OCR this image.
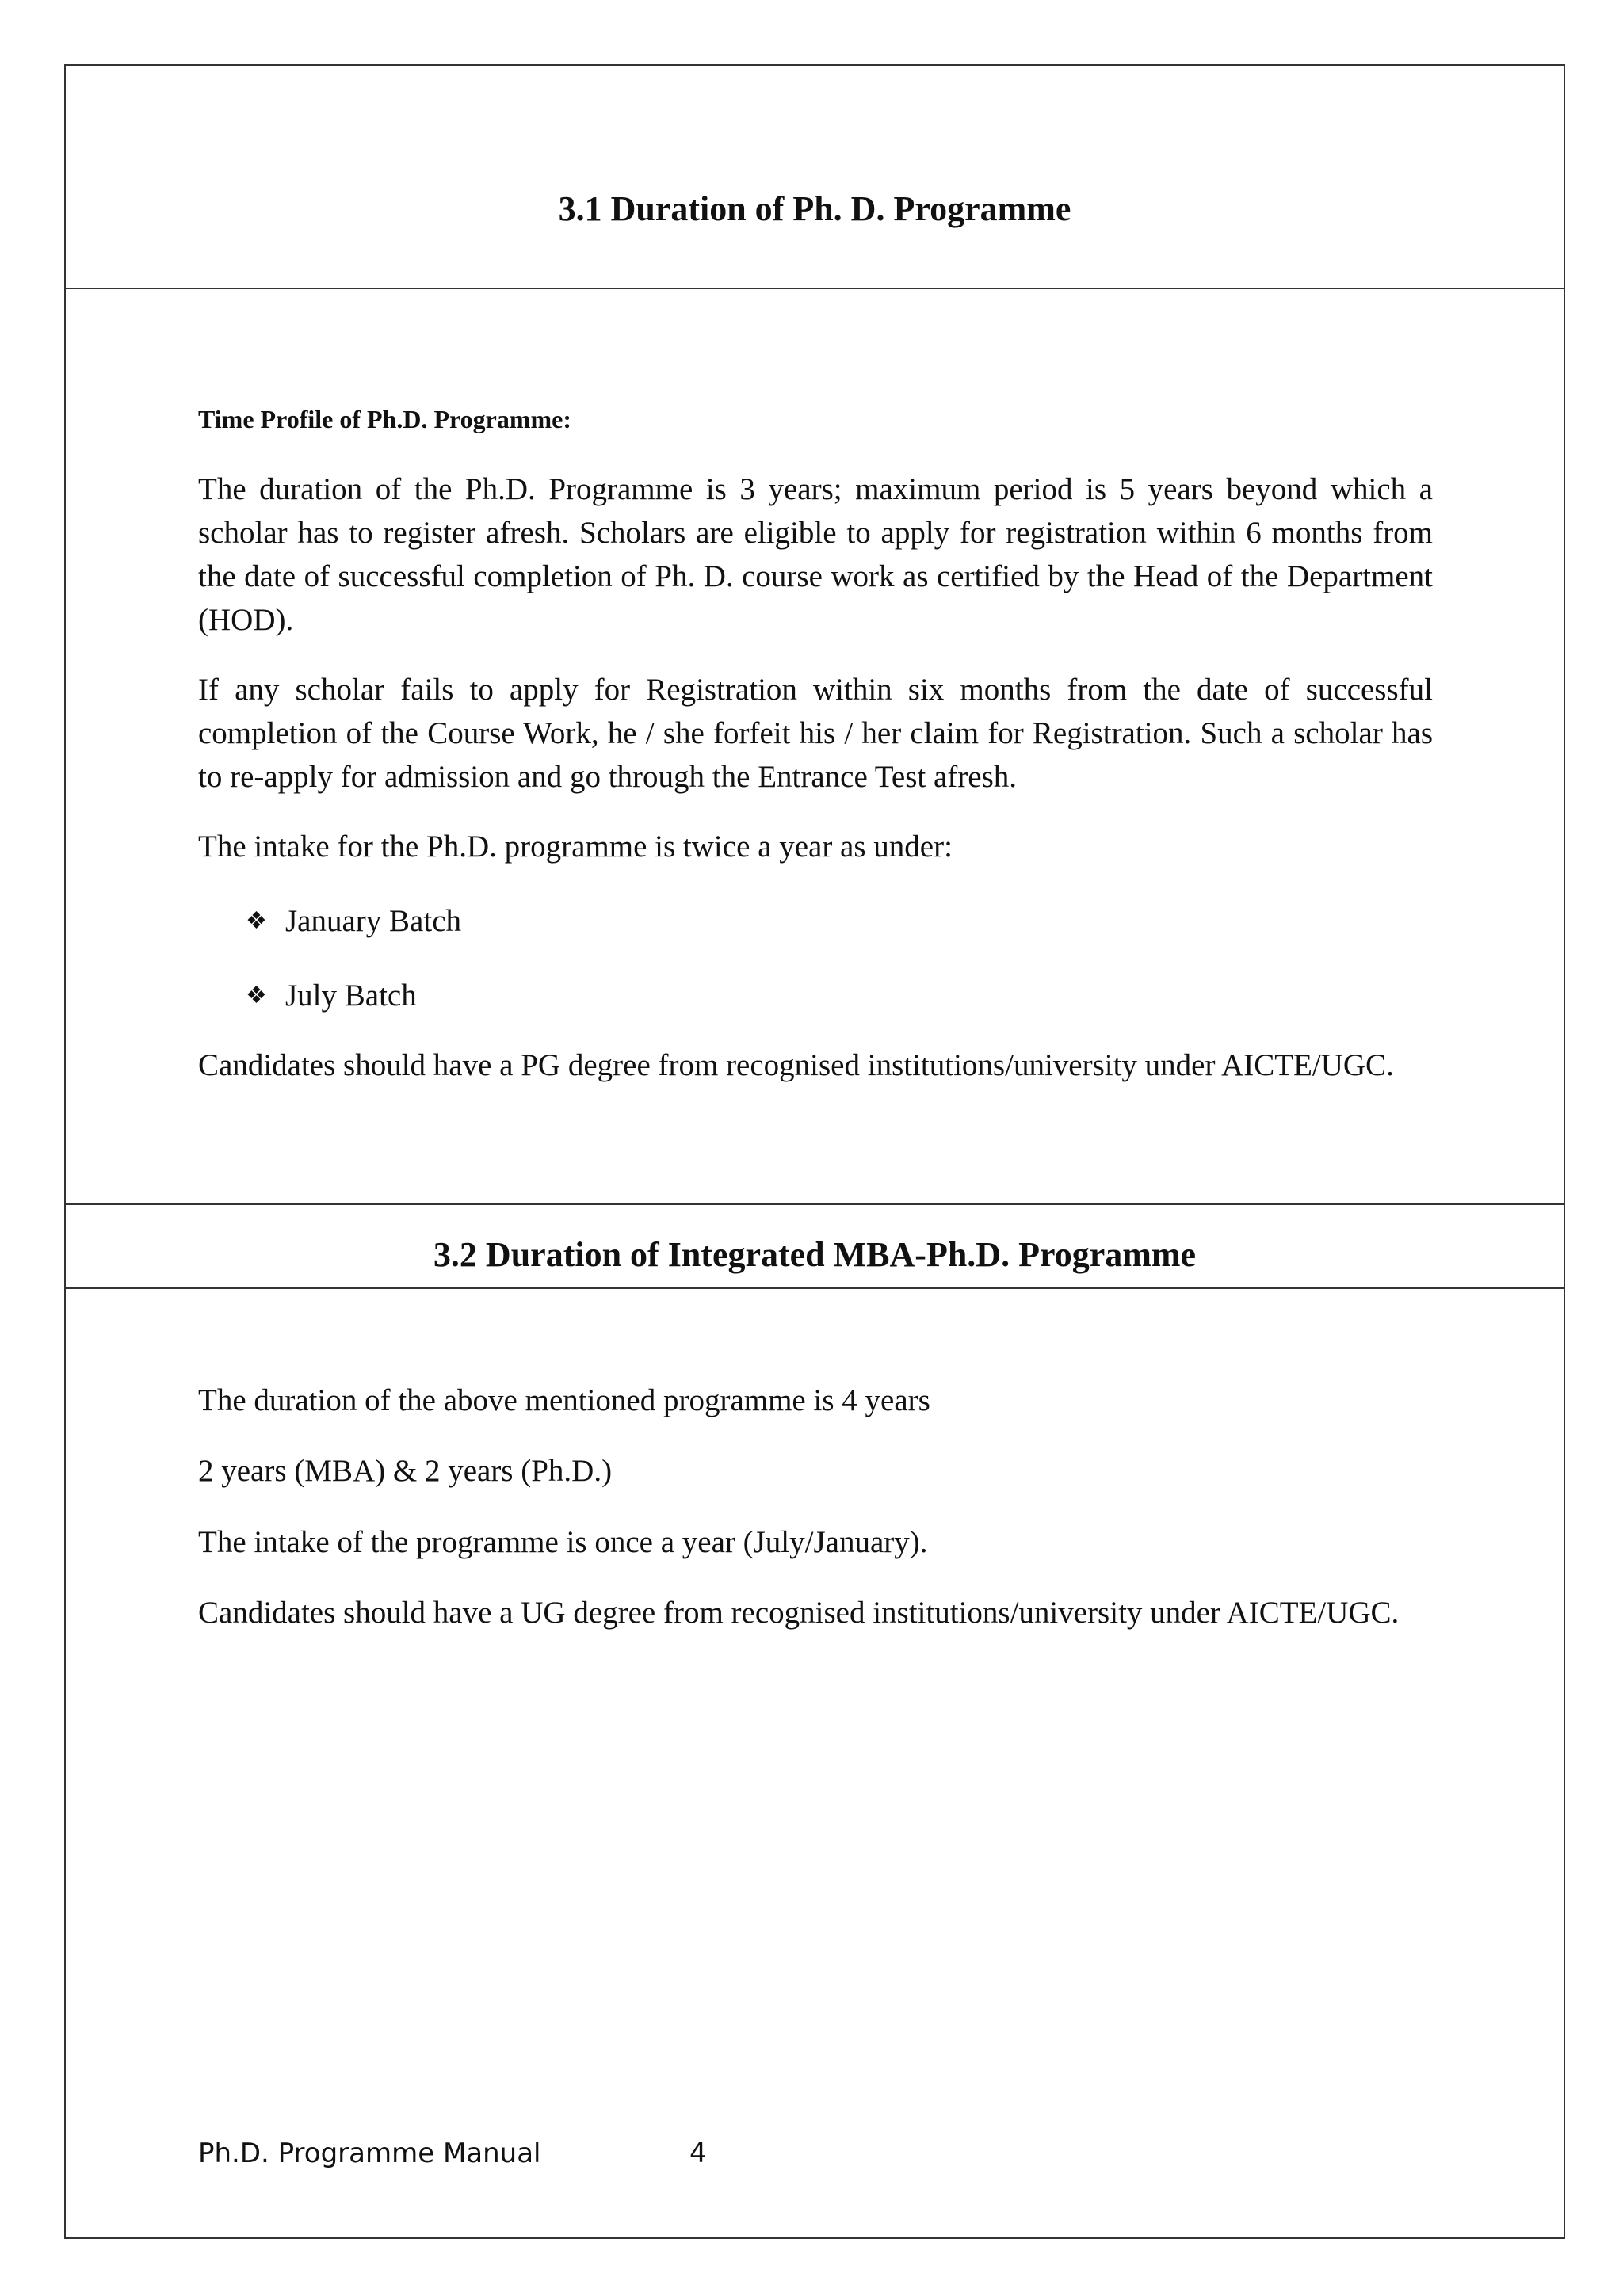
3.1 Duration of Ph. D. Programme
Time Profile of Ph.D. Programme:

The duration of the Ph.D. Programme is 3 years; maximum period is 5 years beyond which a scholar has to register afresh. Scholars are eligible to apply for registration within 6 months from the date of successful completion of Ph. D. course work as certified by the Head of the Department (HOD).

If any scholar fails to apply for Registration within six months from the date of successful completion of the Course Work, he / she forfeit his / her claim for Registration. Such a scholar has to re-apply for admission and go through the Entrance Test afresh.

The intake for the Ph.D. programme is twice a year as under:

❖ January Batch
❖ July Batch

Candidates should have a PG degree from recognised institutions/university under AICTE/UGC.

3.2 Duration of Integrated MBA-Ph.D. Programme

The duration of the above mentioned programme is 4 years

2 years (MBA) & 2 years (Ph.D.)

The intake of the programme is once a year (July/January).

Candidates should have a UG degree from recognised institutions/university under AICTE/UGC.

Ph.D. Programme Manual	4
